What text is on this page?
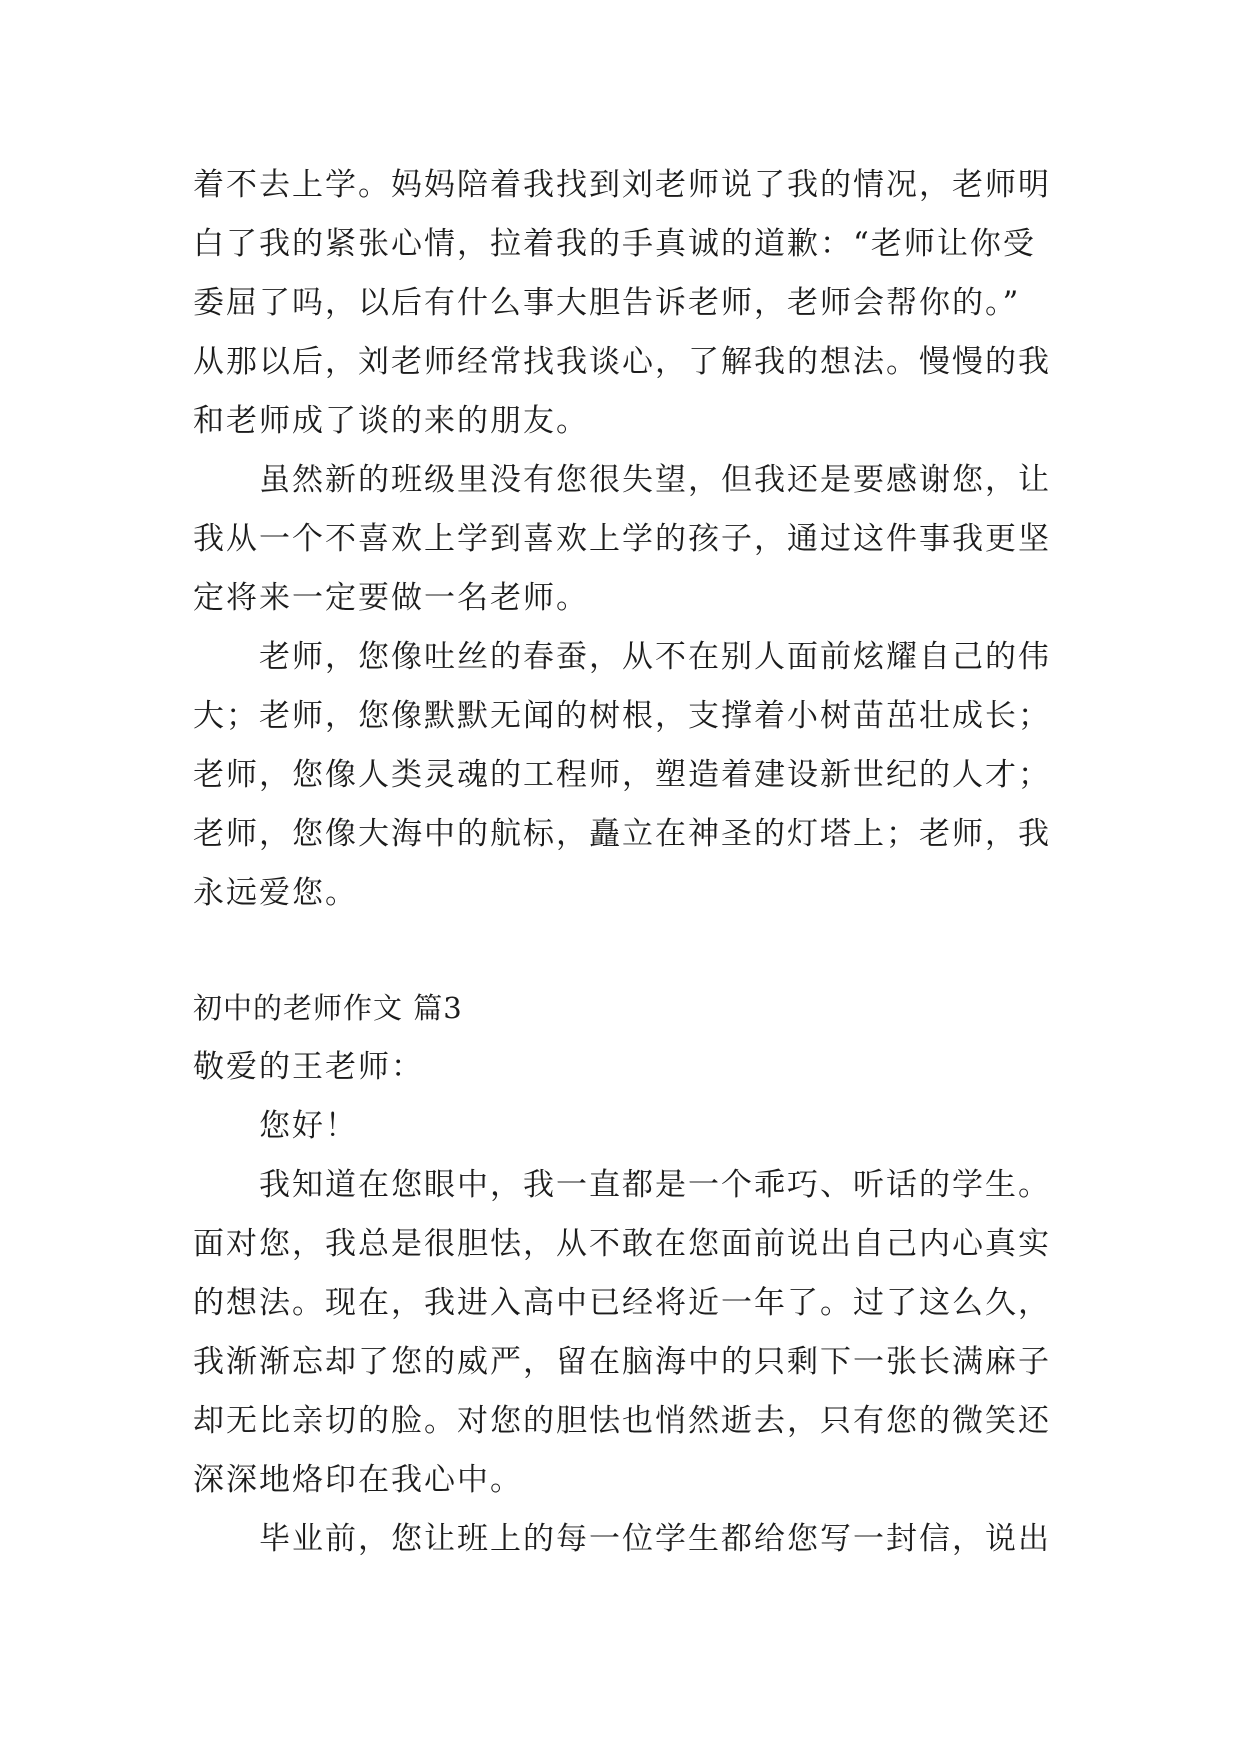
着不去上学。妈妈陪着我找到刘老师说了我的情况，老师明
白了我的紧张心情，拉着我的手真诚的道歉：“老师让你受
委屈了吗，以后有什么事大胆告诉老师，老师会帮你的。”
从那以后，刘老师经常找我谈心，了解我的想法。慢慢的我
和老师成了谈的来的朋友。
虽然新的班级里没有您很失望，但我还是要感谢您，让
我从一个不喜欢上学到喜欢上学的孩子，通过这件事我更坚
定将来一定要做一名老师。
老师，您像吐丝的春蚕，从不在别人面前炫耀自己的伟
大；老师，您像默默无闻的树根，支撑着小树苗茁壮成长；
老师，您像人类灵魂的工程师，塑造着建设新世纪的人才；
老师，您像大海中的航标，矗立在神圣的灯塔上；老师，我
永远爱您。
初中的老师作文 篇3
敬爱的王老师：
您好！
我知道在您眼中，我一直都是一个乖巧、听话的学生。
面对您，我总是很胆怯，从不敢在您面前说出自己内心真实
的想法。现在，我进入高中已经将近一年了。过了这么久，
我渐渐忘却了您的威严，留在脑海中的只剩下一张长满麻子
却无比亲切的脸。对您的胆怯也悄然逝去，只有您的微笑还
深深地烙印在我心中。
毕业前，您让班上的每一位学生都给您写一封信，说出
